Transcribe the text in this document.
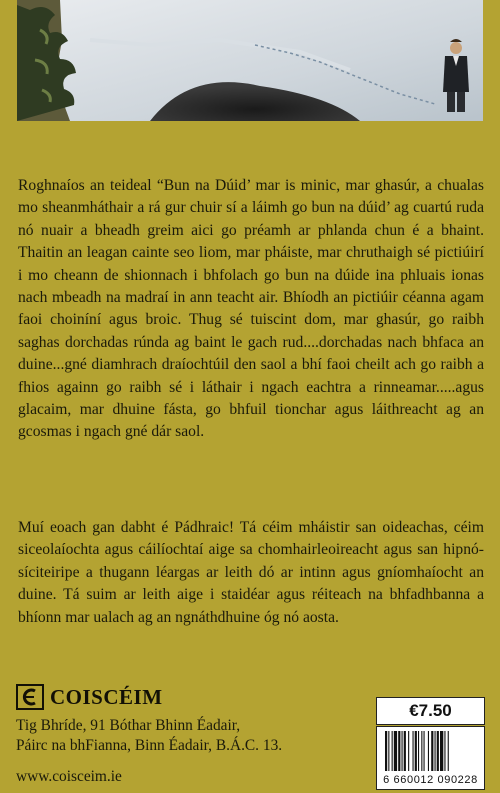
Roghnaíos an teideal “Bun na Dúid’ mar is minic, mar ghasúr, a chualas mo sheanmháthair a rá gur chuir sí a láimh go bun na dúid’ ag cuartú ruda nó nuair a bheadh greim aici go préamh ar phlanda chun é a bhaint. Thaitin an leagan cainte seo liom, mar pháiste, mar chruthaigh sé pictiúirí i mo cheann de shionnach i bhfolach go bun na dúide ina phluais ionas nach mbeadh na madraí in ann teacht air. Bhíodh an pictiúir céanna agam faoi choiníní agus broic. Thug sé tuiscint dom, mar ghasúr, go raibh saghas dorchadas rúnda ag baint le gach rud....dorchadas nach bhfaca an duine...gné diamhrach draíochtúil den saol a bhí faoi cheilt ach go raibh a fhios againn go raibh sé i láthair i ngach eachtra a rinneamar.....agus glacaim, mar dhuine fásta, go bhfuil tionchar agus láithreacht ag an gcosmas i ngach gné dár saol.

Muí eoach gan dabht é Pádhraic! Tá céim mháistir san oideachas, céim siceolaíochta agus cáilíochtaí aige sa chomhairleoireacht agus san hipnó-síciteiripe a thugann léargas ar leith dó ar intinn agus gníomhaíocht an duine. Tá suim ar leith aige i staidéar agus réiteach na bhfadhbanna a bhíonn mar ualach ag an ngnáthdhuine óg nó aosta.

COISCÉIM
Tig Bhríde, 91 Bóthar Bhinn Éadair,
Páirc na bhFianna, Binn Éadair, B.Á.C. 13.
www.coisceim.ie
€7.50
6 660012 090228
